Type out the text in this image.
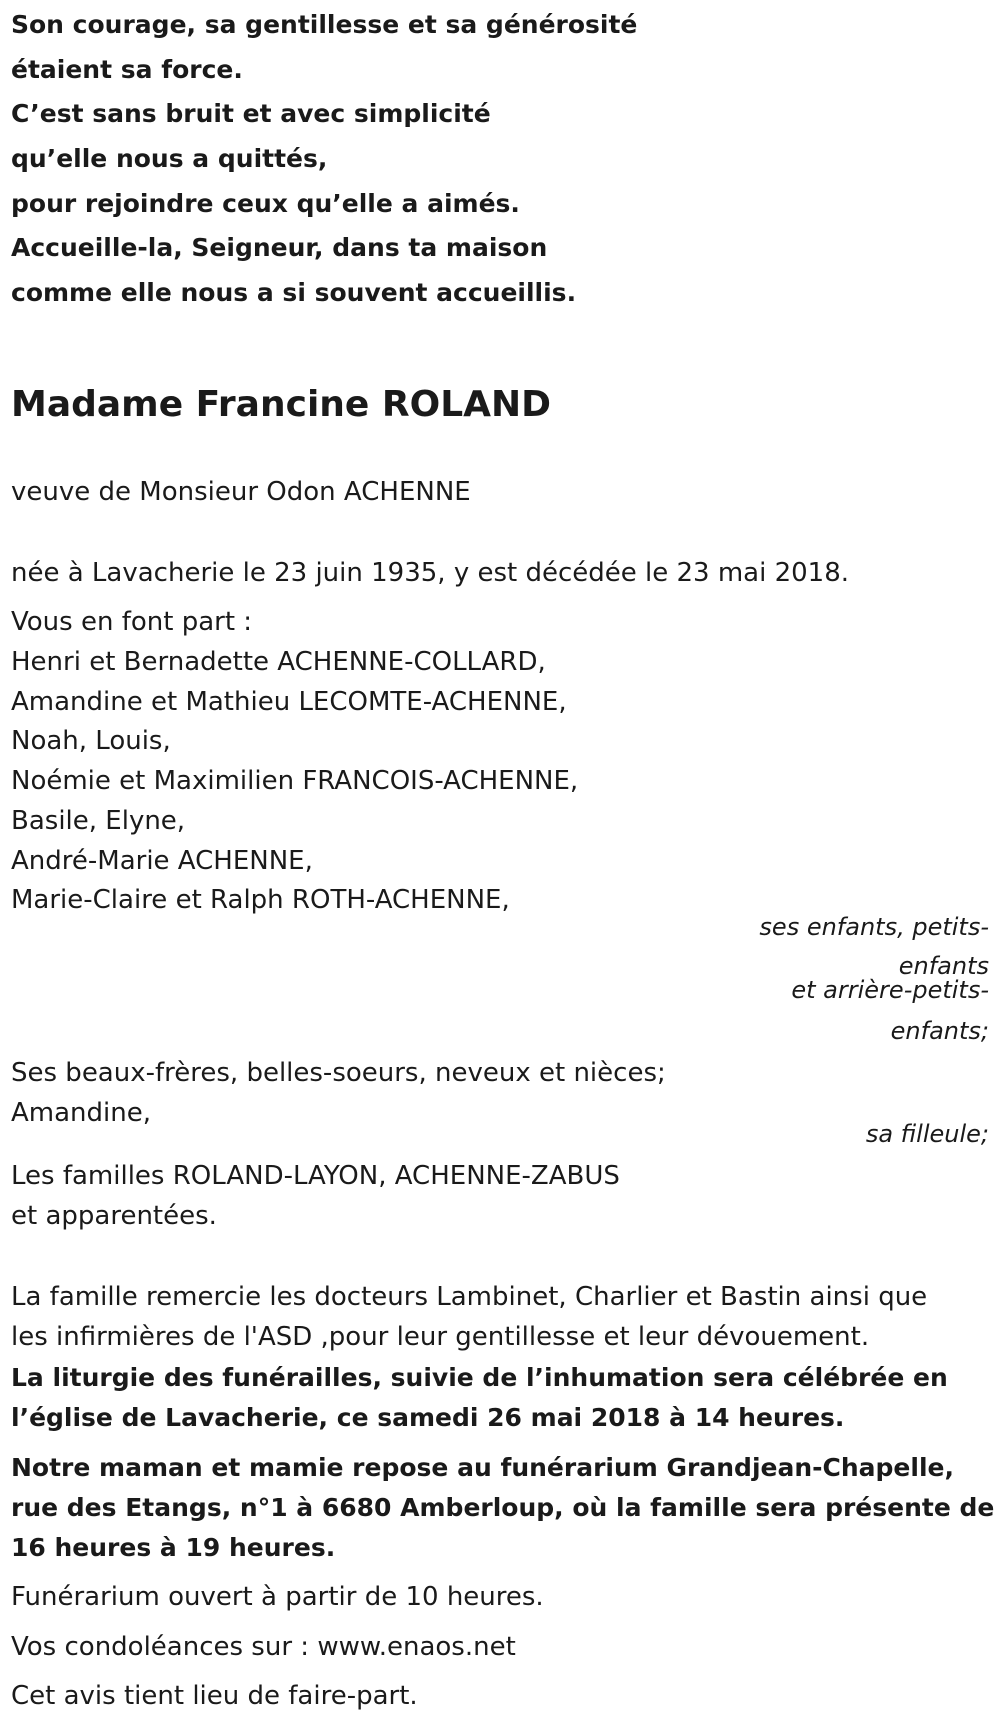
Son courage, sa gentillesse et sa générosité
étaient sa force.
C’est sans bruit et avec simplicité
qu’elle nous a quittés,
pour rejoindre ceux qu’elle a aimés.
Accueille-la, Seigneur, dans ta maison
comme elle nous a si souvent accueillis.
Madame Francine ROLAND
veuve de Monsieur Odon ACHENNE
née à Lavacherie le 23 juin 1935, y est décédée le 23 mai 2018.
Vous en font part :
Henri et Bernadette ACHENNE-COLLARD,
Amandine et Mathieu LECOMTE-ACHENNE,
Noah, Louis,
Noémie et Maximilien FRANCOIS-ACHENNE,
Basile, Elyne,
André-Marie ACHENNE,
Marie-Claire et Ralph ROTH-ACHENNE,
ses enfants, petits-
enfants
et arrière-petits-
enfants;
Ses beaux-frères, belles-soeurs, neveux et nièces;
Amandine,
sa filleule;
Les familles ROLAND-LAYON, ACHENNE-ZABUS
et apparentées.
La famille remercie les docteurs Lambinet, Charlier et Bastin ainsi que
les infirmières de l'ASD ,pour leur gentillesse et leur dévouement.
La liturgie des funérailles, suivie de l’inhumation sera célébrée en
l’église de Lavacherie, ce samedi 26 mai 2018 à 14 heures.
Notre maman et mamie repose au funérarium Grandjean-Chapelle,
rue des Etangs, n°1 à 6680 Amberloup, où la famille sera présente de
16 heures à 19 heures.
Funérarium ouvert à partir de 10 heures.
Vos condoléances sur : www.enaos.net
Cet avis tient lieu de faire-part.
